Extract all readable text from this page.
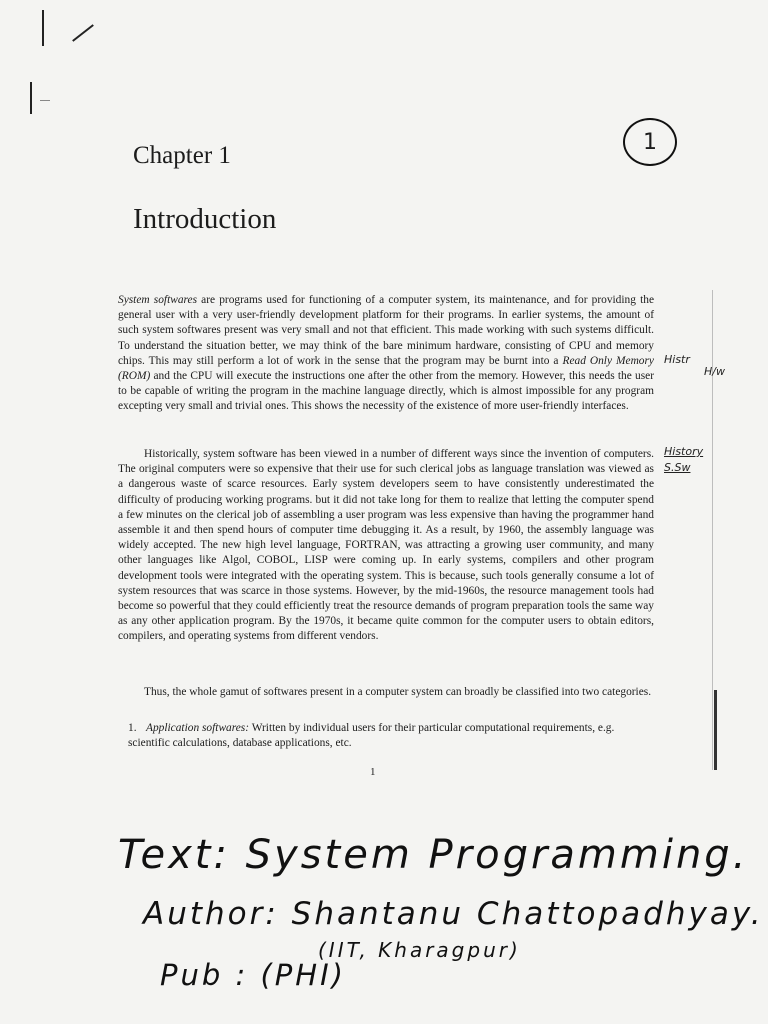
1
Chapter 1
Introduction

System softwares are programs used for functioning of a computer system, its maintenance, and for providing the general user with a very user-friendly development platform for their programs. In earlier systems, the amount of such system softwares present was very small and not that efficient. This made working with such systems difficult. To understand the situation better, we may think of the bare minimum hardware, consisting of CPU and memory chips. This may still perform a lot of work in the sense that the program may be burnt into a Read Only Memory (ROM) and the CPU will execute the instructions one after the other from the memory. However, this needs the user to be capable of writing the program in the machine language directly, which is almost impossible for any program excepting very small and trivial ones. This shows the necessity of the existence of more user-friendly interfaces.

Historically, system software has been viewed in a number of different ways since the invention of computers. The original computers were so expensive that their use for such clerical jobs as language translation was viewed as a dangerous waste of scarce resources. Early system developers seem to have consistently underestimated the difficulty of producing working programs. but it did not take long for them to realize that letting the computer spend a few minutes on the clerical job of assembling a user program was less expensive than having the programmer hand assemble it and then spend hours of computer time debugging it. As a result, by 1960, the assembly language was widely accepted. The new high level language, FORTRAN, was attracting a growing user community, and many other languages like Algol, COBOL, LISP were coming up. In early systems, compilers and other program development tools were integrated with the operating system. This is because, such tools generally consume a lot of system resources that was scarce in those systems. However, by the mid-1960s, the resource management tools had become so powerful that they could efficiently treat the resource demands of program preparation tools the same way as any other application program. By the 1970s, it became quite common for the computer users to obtain editors, compilers, and operating systems from different vendors.

Thus, the whole gamut of softwares present in a computer system can broadly be classified into two categories.

1. Application softwares: Written by individual users for their particular computational requirements, e.g. scientific calculations, database applications, etc.
1
Histr
H/w
History
S.Sw
Text: System Programming.
Author: Shantanu Chattopadhyay.
(IIT, Kharagpur)
Pub : (PHI)
